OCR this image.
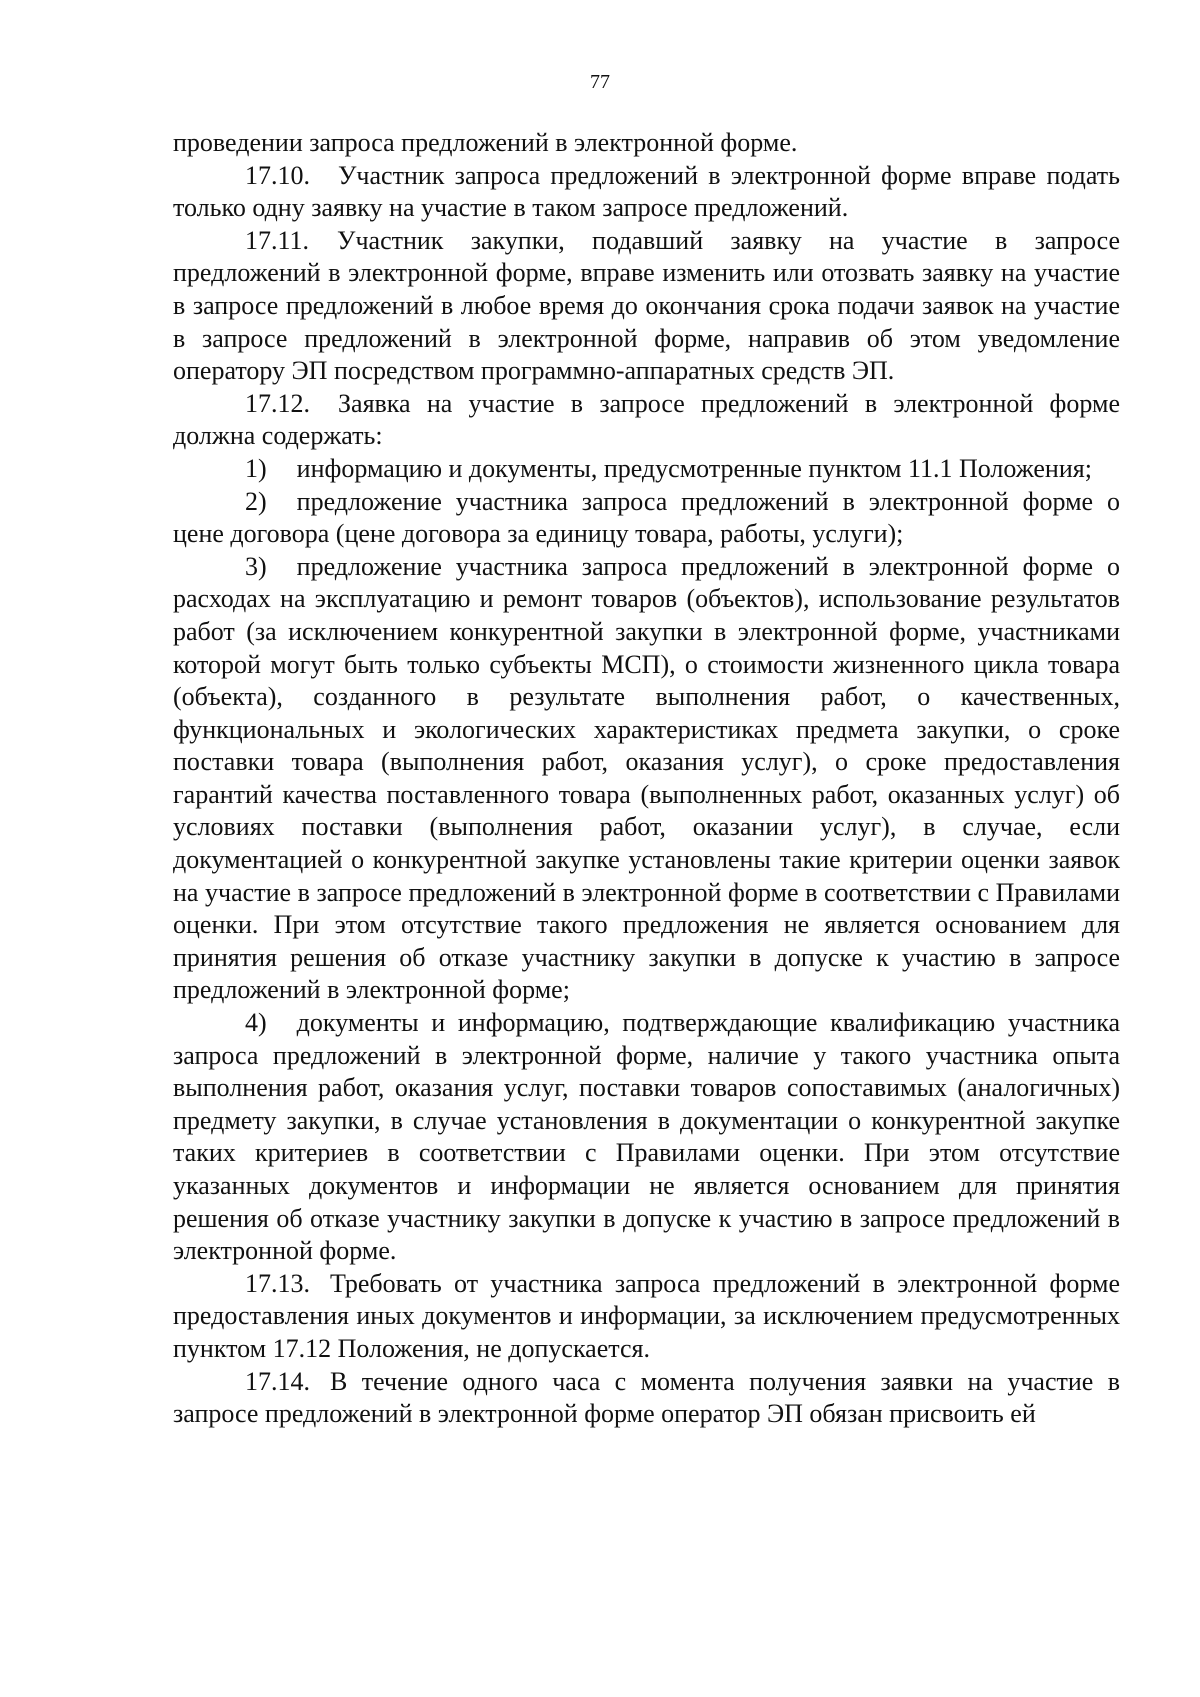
77

проведении запроса предложений в электронной форме.

17.10. Участник запроса предложений в электронной форме вправе подать только одну заявку на участие в таком запросе предложений.

17.11. Участник закупки, подавший заявку на участие в запросе предложений в электронной форме, вправе изменить или отозвать заявку на участие в запросе предложений в любое время до окончания срока подачи заявок на участие в запросе предложений в электронной форме, направив об этом уведомление оператору ЭП посредством программно-аппаратных средств ЭП.

17.12. Заявка на участие в запросе предложений в электронной форме должна содержать:

1) информацию и документы, предусмотренные пунктом 11.1 Положения;

2) предложение участника запроса предложений в электронной форме о цене договора (цене договора за единицу товара, работы, услуги);

3) предложение участника запроса предложений в электронной форме о расходах на эксплуатацию и ремонт товаров (объектов), использование результатов работ (за исключением конкурентной закупки в электронной форме, участниками которой могут быть только субъекты МСП), о стоимости жизненного цикла товара (объекта), созданного в результате выполнения работ, о качественных, функциональных и экологических характеристиках предмета закупки, о сроке поставки товара (выполнения работ, оказания услуг), о сроке предоставления гарантий качества поставленного товара (выполненных работ, оказанных услуг) об условиях поставки (выполнения работ, оказании услуг), в случае, если документацией о конкурентной закупке установлены такие критерии оценки заявок на участие в запросе предложений в электронной форме в соответствии с Правилами оценки. При этом отсутствие такого предложения не является основанием для принятия решения об отказе участнику закупки в допуске к участию в запросе предложений в электронной форме;

4) документы и информацию, подтверждающие квалификацию участника запроса предложений в электронной форме, наличие у такого участника опыта выполнения работ, оказания услуг, поставки товаров сопоставимых (аналогичных) предмету закупки, в случае установления в документации о конкурентной закупке таких критериев в соответствии с Правилами оценки. При этом отсутствие указанных документов и информации не является основанием для принятия решения об отказе участнику закупки в допуске к участию в запросе предложений в электронной форме.

17.13. Требовать от участника запроса предложений в электронной форме предоставления иных документов и информации, за исключением предусмотренных пунктом 17.12 Положения, не допускается.

17.14. В течение одного часа с момента получения заявки на участие в запросе предложений в электронной форме оператор ЭП обязан присвоить ей
